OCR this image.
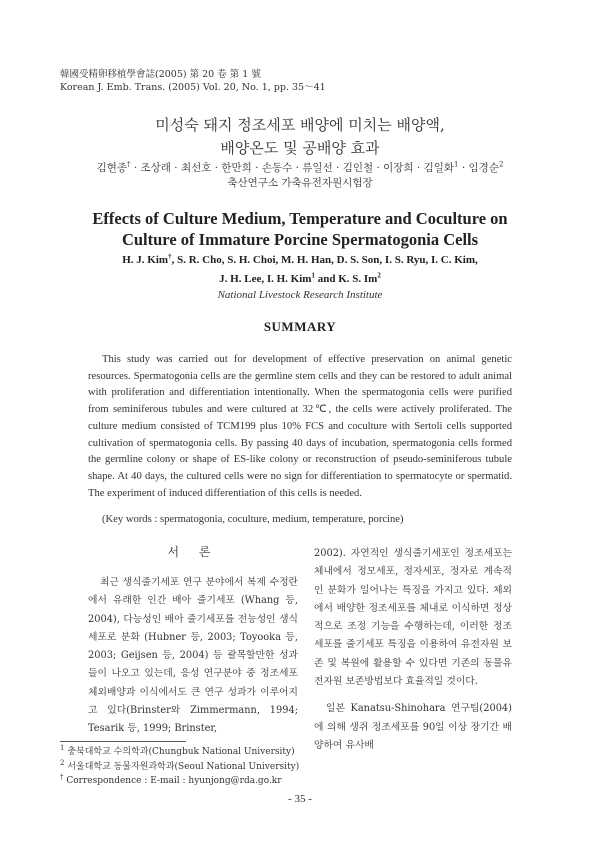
韓國受精卵移植學會誌(2005) 第 20 卷 第 1 號
Korean J. Emb. Trans. (2005) Vol. 20, No. 1, pp. 35～41
미성숙 돼지 정조세포 배양에 미치는 배양액,
배양온도 및 공배양 효과
김현종† · 조상래 · 최선호 · 한만희 · 손동수 · 류일선 · 김인철 · 이장희 · 김일화$^1$ · 임경순$^2$
축산연구소 가축유전자원시험장
Effects of Culture Medium, Temperature and Coculture on
Culture of Immature Porcine Spermatogonia Cells
H. J. Kim†, S. R. Cho, S. H. Choi, M. H. Han, D. S. Son, I. S. Ryu, I. C. Kim,
J. H. Lee, I. H. Kim$^1$ and K. S. Im$^2$
National Livestock Research Institute
SUMMARY

This study was carried out for development of effective preservation on animal genetic resources. Spermatogonia cells are the germline stem cells and they can be restored to adult animal with proliferation and differentiation intentionally. When the spermatogonia cells were purified from seminiferous tubules and were cultured at 32℃, the cells were actively proliferated. The culture medium consisted of TCM199 plus 10% FCS and coculture with Sertoli cells supported cultivation of spermatogonia cells. By passing 40 days of incubation, spermatogonia cells formed the germline colony or shape of ES-like colony or reconstruction of pseudo-seminiferous tubule shape. At 40 days, the cultured cells were no sign for differentiation to spermatocyte or spermatid. The experiment of induced differentiation of this cells is needed.

(Key words : spermatogonia, coculture, medium, temperature, porcine)
서 론

최근 생식줄기세포 연구 분야에서 복제 수정란에서 유래한 인간 배아 줄기세포 (Whang 등, 2004), 다능성인 배아 줄기세포를 전능성인 생식세포로 분화 (Hubner 등, 2003; Toyooka 등, 2003; Geijsen 등, 2004) 등 괄목할만한 성과들이 나오고 있는데, 응성 연구분야 중 정조세포 체외배양과 이식에서도 큰 연구 성과가 이루어지고 있다(Brinster와 Zimmermann, 1994; Tesarik 등, 1999; Brinster,

2002). 자연적인 생식줄기세포인 정조세포는 체내에서 정모세포, 정자세포, 정자로 계속적인 분화가 일어나는 특징을 가지고 있다. 체외에서 배양한 정조세포를 체내로 이식하면 정상적으로 조정 기능을 수행하는데, 이러한 정조세포를 줄기세포 특징을 이용하여 유전자원 보존 및 복원에 활용할 수 있다면 기존의 동물유전자원 보존방법보다 효율적일 것이다.

일본 Kanatsu-Shinohara 연구팀(2004)에 의해 생쥐 정조세포를 90일 이상 장기간 배양하여 유사배

$^1$ 충북대학교 수의학과(Chungbuk National University)
$^2$ 서울대학교 동물자원과학과(Seoul National University)
† Correspondence : E-mail : hyunjong@rda.go.kr
- 35 -
